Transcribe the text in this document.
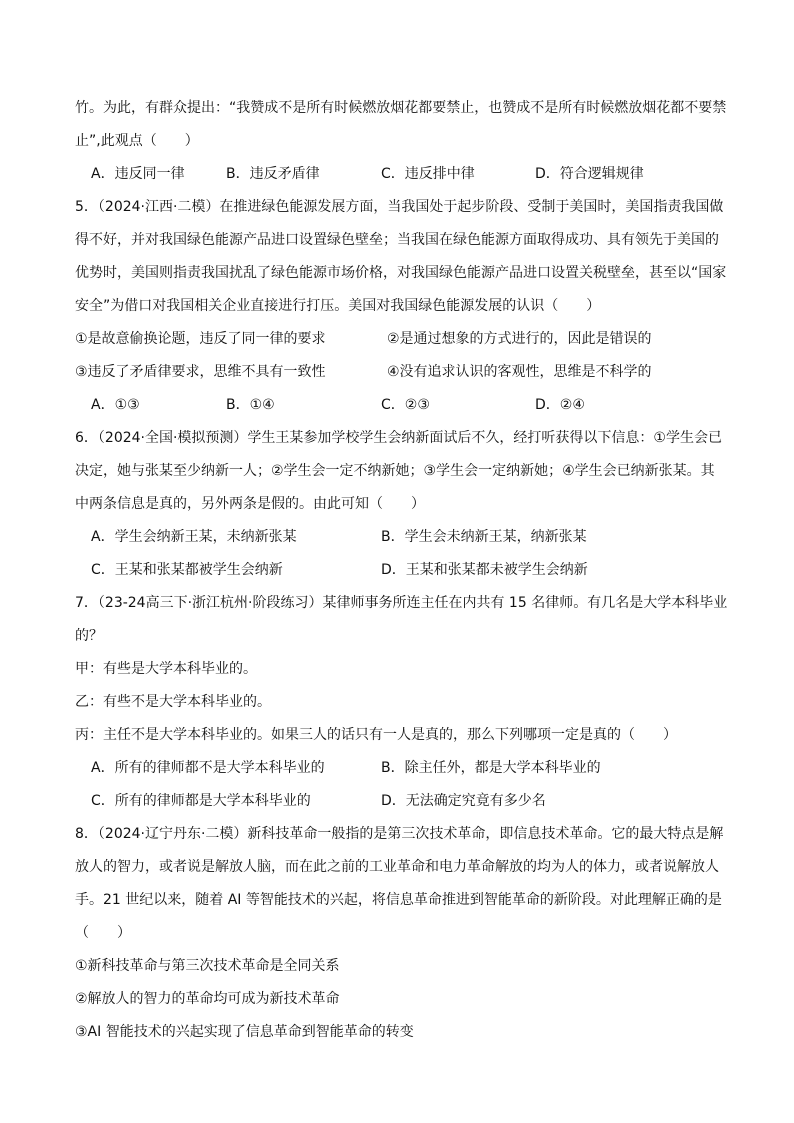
竹。为此，有群众提出：“我赞成不是所有时候燃放烟花都要禁止，也赞成不是所有时候燃放烟花都不要禁
止”,此观点（　　）
A．违反同一律	B．违反矛盾律	C．违反排中律	D．符合逻辑规律
5．（2024·江西·二模）在推进绿色能源发展方面，当我国处于起步阶段、受制于美国时，美国指责我国做
得不好，并对我国绿色能源产品进口设置绿色壁垒；当我国在绿色能源方面取得成功、具有领先于美国的
优势时，美国则指责我国扰乱了绿色能源市场价格，对我国绿色能源产品进口设置关税壁垒，甚至以“国家
安全”为借口对我国相关企业直接进行打压。美国对我国绿色能源发展的认识（　　）
①是故意偷换论题，违反了同一律的要求	②是通过想象的方式进行的，因此是错误的
③违反了矛盾律要求，思维不具有一致性	④没有追求认识的客观性，思维是不科学的
A．①③	B．①④	C．②③	D．②④
6．（2024·全国·模拟预测）学生王某参加学校学生会纳新面试后不久，经打听获得以下信息：①学生会已
决定，她与张某至少纳新一人；②学生会一定不纳新她；③学生会一定纳新她；④学生会已纳新张某。其
中两条信息是真的，另外两条是假的。由此可知（　　）
A．学生会纳新王某，未纳新张某	B．学生会未纳新王某，纳新张某
C．王某和张某都被学生会纳新	D．王某和张某都未被学生会纳新
7．（23-24高三下·浙江杭州·阶段练习）某律师事务所连主任在内共有 15 名律师。有几名是大学本科毕业
的？
甲：有些是大学本科毕业的。
乙：有些不是大学本科毕业的。
丙：主任不是大学本科毕业的。如果三人的话只有一人是真的，那么下列哪项一定是真的（　　）
A．所有的律师都不是大学本科毕业的	B．除主任外，都是大学本科毕业的
C．所有的律师都是大学本科毕业的	D．无法确定究竟有多少名
8．（2024·辽宁丹东·二模）新科技革命一般指的是第三次技术革命，即信息技术革命。它的最大特点是解
放人的智力，或者说是解放人脑，而在此之前的工业革命和电力革命解放的均为人的体力，或者说解放人
手。21 世纪以来，随着 AI 等智能技术的兴起，将信息革命推进到智能革命的新阶段。对此理解正确的是
（　　）
①新科技革命与第三次技术革命是全同关系
②解放人的智力的革命均可成为新技术革命
③AI 智能技术的兴起实现了信息革命到智能革命的转变
